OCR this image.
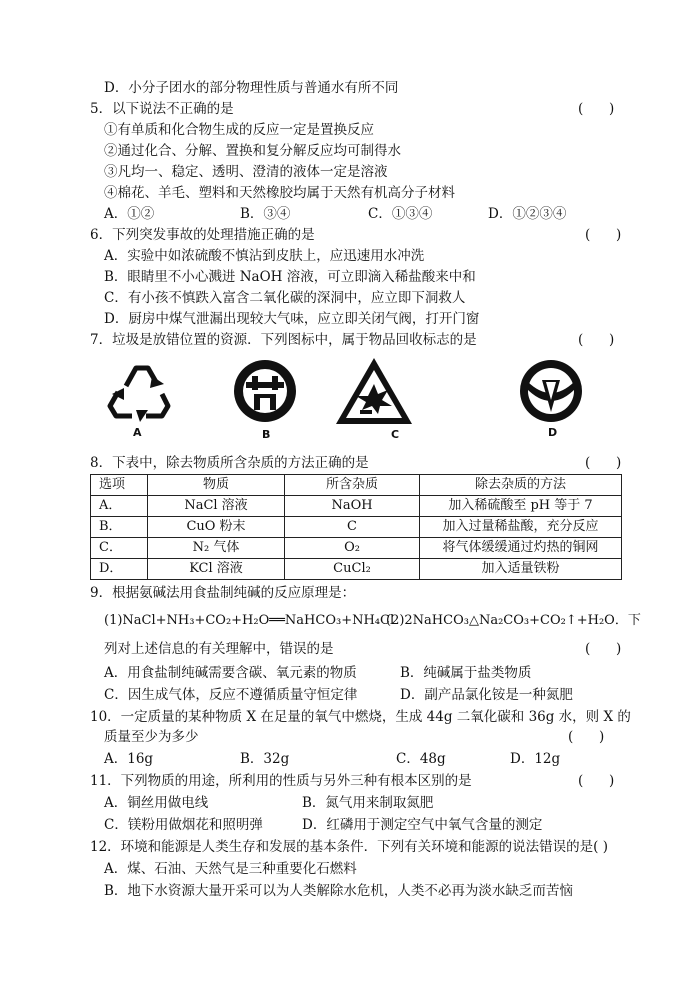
D．小分子团水的部分物理性质与普通水有所不同
5．以下说法不正确的是	(      )
①有单质和化合物生成的反应一定是置换反应
②通过化合、分解、置换和复分解反应均可制得水
③凡均一、稳定、透明、澄清的液体一定是溶液
④棉花、羊毛、塑料和天然橡胶均属于天然有机高分子材料
A．①②	B．③④	C．①③④	D．①②③④
6．下列突发事故的处理措施正确的是	(      )
A．实验中如浓硫酸不慎沾到皮肤上，应迅速用水冲洗
B．眼睛里不小心溅进 NaOH 溶液，可立即滴入稀盐酸来中和
C．有小孩不慎跌入富含二氧化碳的深洞中，应立即下洞救人
D．厨房中煤气泄漏出现较大气味，应立即关闭气阀，打开门窗
7．垃圾是放错位置的资源．下列图标中，属于物品回收标志的是	(      )
A	B	C	D
8．下表中，除去物质所含杂质的方法正确的是	(      )
选项	物质	所含杂质	除去杂质的方法
A．	NaCl 溶液	NaOH	加入稀硫酸至 pH 等于 7
B．	CuO 粉末	C	加入过量稀盐酸，充分反应
C．	N₂ 气体	O₂	将气体缓缓通过灼热的铜网
D．	KCl 溶液	CuCl₂	加入适量铁粉
9．根据氨碱法用食盐制纯碱的反应原理是：
(1)NaCl+NH₃+CO₂+H₂O══NaHCO₃+NH₄Cl
(2)2NaHCO₃△Na₂CO₃+CO₂↑+H₂O．下
列对上述信息的有关理解中，错误的是	(      )
A．用食盐制纯碱需要含碳、氧元素的物质	B．纯碱属于盐类物质
C．因生成气体，反应不遵循质量守恒定律	D．副产品氯化铵是一种氮肥
10．一定质量的某种物质 X 在足量的氧气中燃烧，生成 44g 二氧化碳和 36g 水，则 X 的
质量至少为多少	(      )
A．16g	B．32g	C．48g	D．12g
11．下列物质的用途，所利用的性质与另外三种有根本区别的是	(      )
A．铜丝用做电线	B．氮气用来制取氮肥
C．镁粉用做烟花和照明弹	D．红磷用于测定空气中氧气含量的测定
12．环境和能源是人类生存和发展的基本条件．下列有关环境和能源的说法错误的是( )
A．煤、石油、天然气是三种重要化石燃料
B．地下水资源大量开采可以为人类解除水危机，人类不必再为淡水缺乏而苦恼
